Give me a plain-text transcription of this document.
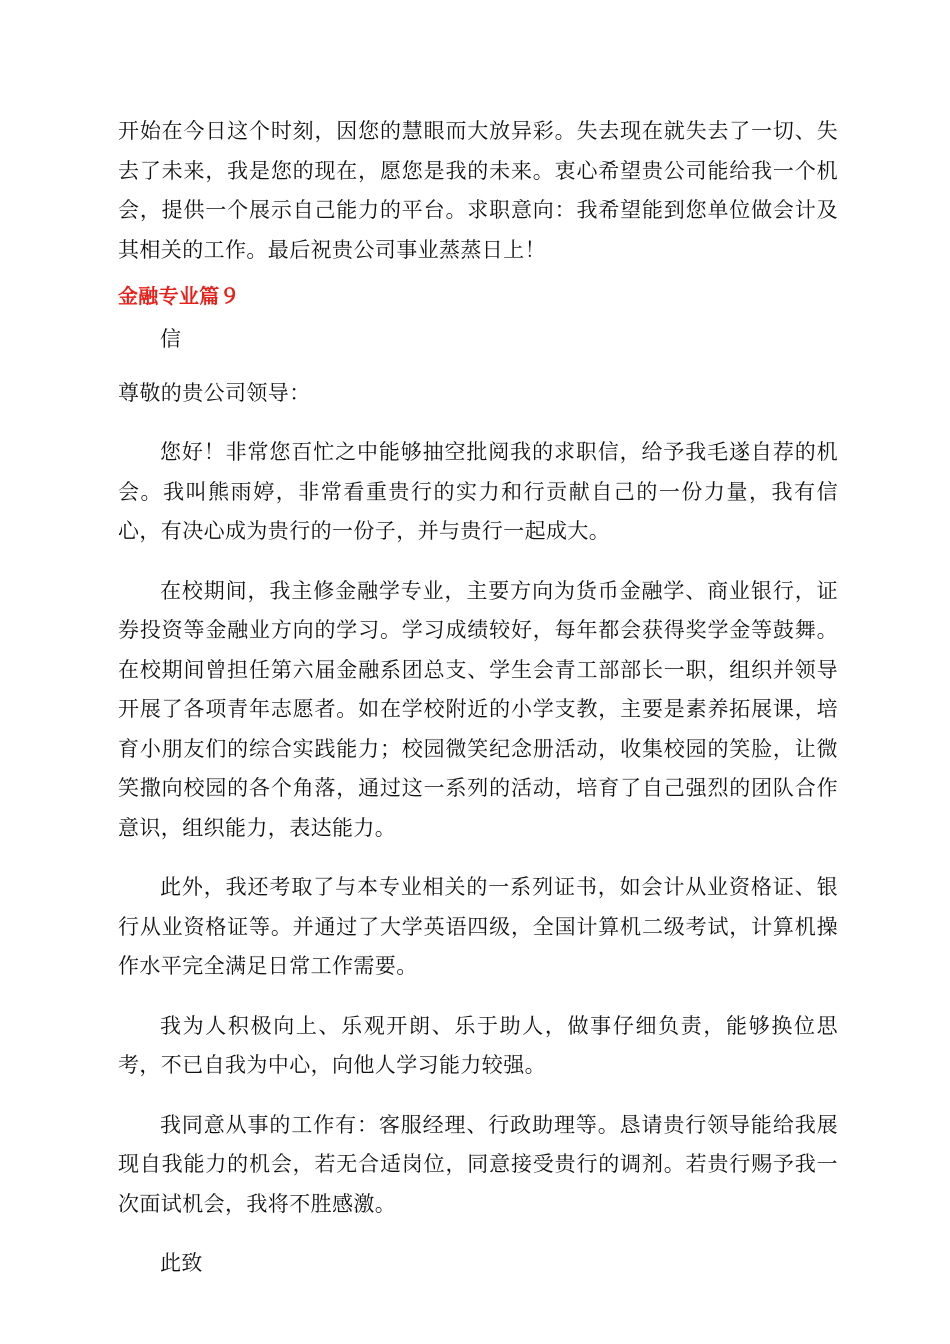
开始在今日这个时刻，因您的慧眼而大放异彩。失去现在就失去了一切、失去了未来，我是您的现在，愿您是我的未来。衷心希望贵公司能给我一个机会，提供一个展示自己能力的平台。求职意向：我希望能到您单位做会计及其相关的工作。最后祝贵公司事业蒸蒸日上！

金融专业篇９

信

尊敬的贵公司领导：

您好！非常您百忙之中能够抽空批阅我的求职信，给予我毛遂自荐的机会。我叫熊雨婷，非常看重贵行的实力和行贡献自己的一份力量，我有信心，有决心成为贵行的一份子，并与贵行一起成大。

在校期间，我主修金融学专业，主要方向为货币金融学、商业银行，证券投资等金融业方向的学习。学习成绩较好，每年都会获得奖学金等鼓舞。在校期间曾担任第六届金融系团总支、学生会青工部部长一职，组织并领导开展了各项青年志愿者。如在学校附近的小学支教，主要是素养拓展课，培育小朋友们的综合实践能力；校园微笑纪念册活动，收集校园的笑脸，让微笑撒向校园的各个角落，通过这一系列的活动，培育了自己强烈的团队合作意识，组织能力，表达能力。

此外，我还考取了与本专业相关的一系列证书，如会计从业资格证、银行从业资格证等。并通过了大学英语四级，全国计算机二级考试，计算机操作水平完全满足日常工作需要。

我为人积极向上、乐观开朗、乐于助人，做事仔细负责，能够换位思考，不已自我为中心，向他人学习能力较强。

我同意从事的工作有：客服经理、行政助理等。恳请贵行领导能给我展现自我能力的机会，若无合适岗位，同意接受贵行的调剂。若贵行赐予我一次面试机会，我将不胜感激。

此致
